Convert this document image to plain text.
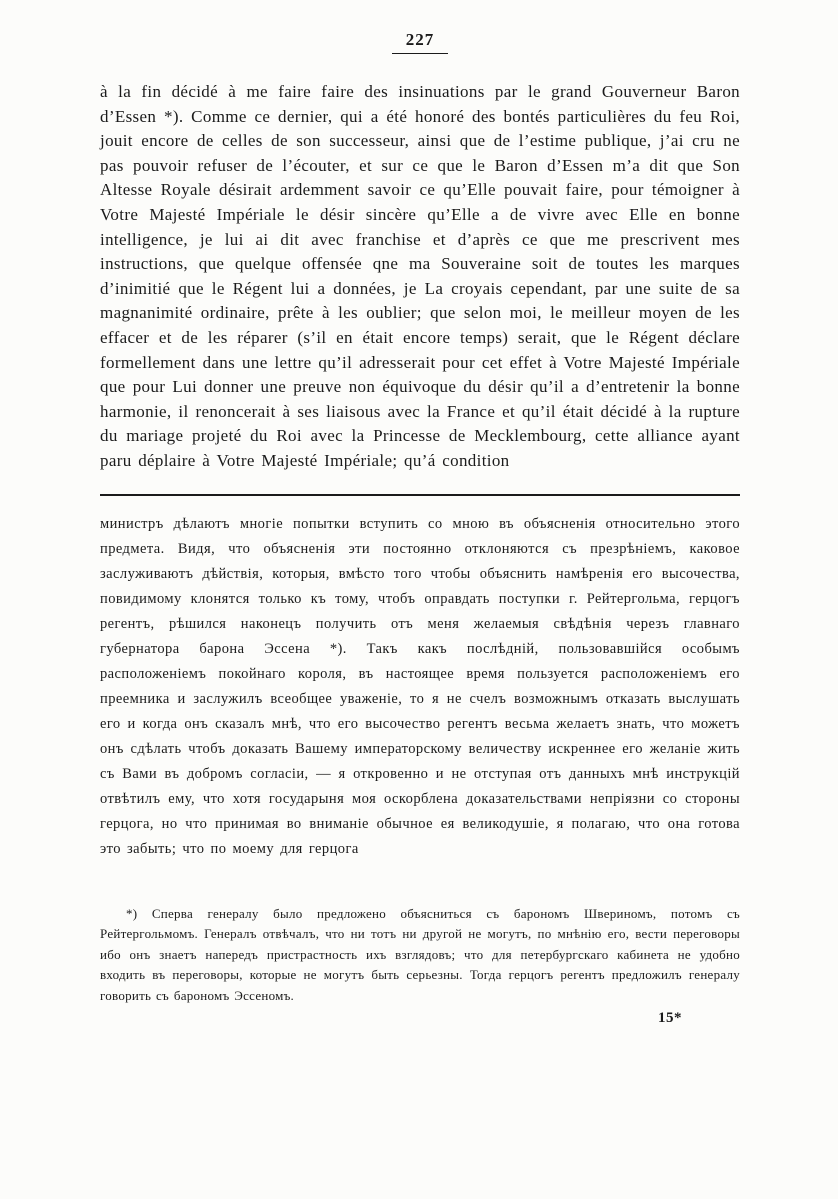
227

à la fin décidé à me faire faire des insinuations par le grand Gouverneur Baron d’Essen *). Comme ce dernier, qui a été honoré des bontés particulières du feu Roi, jouit encore de celles de son successeur, ainsi que de l’estime publique, j’ai cru ne pas pouvoir refuser de l’écouter, et sur ce que le Baron d’Essen m’a dit que Son Altesse Royale désirait ardemment savoir ce qu’Elle pouvait faire, pour témoigner à Votre Majesté Impériale le désir sincère qu’Elle a de vivre avec Elle en bonne intelligence, je lui ai dit avec franchise et d’après ce que me prescrivent mes instructions, que quelque offensée qne ma Souveraine soit de toutes les marques d’inimitié que le Régent lui a données, je La croyais cependant, par une suite de sa magnanimité ordinaire, prête à les oublier; que selon moi, le meilleur moyen de les effacer et de les réparer (s’il en était encore temps) serait, que le Régent déclare formellement dans une lettre qu’il adresserait pour cet effet à Votre Majesté Impériale que pour Lui donner une preuve non équivoque du désir qu’il a d’entretenir la bonne harmonie, il renoncerait à ses liaisous avec la France et qu’il était décidé à la rupture du mariage projeté du Roi avec la Princesse de Mecklembourg, cette alliance ayant paru déplaire à Votre Majesté Impériale; qu’á condition

министръ дѣлаютъ многіе попытки вступить со мною въ объясненія относительно этого предмета. Видя, что объясненія эти постоянно отклоняются съ презрѣніемъ, каковое заслуживаютъ дѣйствія, которыя, вмѣсто того чтобы объяснить намѣренія его высочества, повидимому клонятся только къ тому, чтобъ оправдать поступки г. Рейтергольма, герцогъ регентъ, рѣшился наконецъ получить отъ меня желаемыя свѣдѣнія черезъ главнаго губернатора барона Эссена *). Такъ какъ послѣдній, пользовавшійся особымъ расположеніемъ покойнаго короля, въ настоящее время пользуется расположеніемъ его преемника и заслужилъ всеобщее уваженіе, то я не счелъ возможнымъ отказать выслушать его и когда онъ сказалъ мнѣ, что его высочество регентъ весьма желаетъ знать, что можетъ онъ сдѣлать чтобъ доказать Вашему императорскому величеству искреннее его желаніе жить съ Вами въ добромъ согласіи, — я откровенно и не отступая отъ данныхъ мнѣ инструкцій отвѣтилъ ему, что хотя государыня моя оскорблена доказательствами непріязни со стороны герцога, но что принимая во вниманіе обычное ея великодушіе, я полагаю, что она готова это забыть; что по моему для герцога

*) Сперва генералу было предложено объясниться съ барономъ Швериномъ, потомъ съ Рейтергольмомъ. Генералъ отвѣчалъ, что ни тотъ ни другой не могутъ, по мнѣнію его, вести переговоры ибо онъ знаетъ напередъ пристрастность ихъ взглядовъ; что для петербургскаго кабинета не удобно входить въ переговоры, которые не могутъ быть серьезны. Тогда герцогъ регентъ предложилъ генералу говорить съ барономъ Эссеномъ.

15*
